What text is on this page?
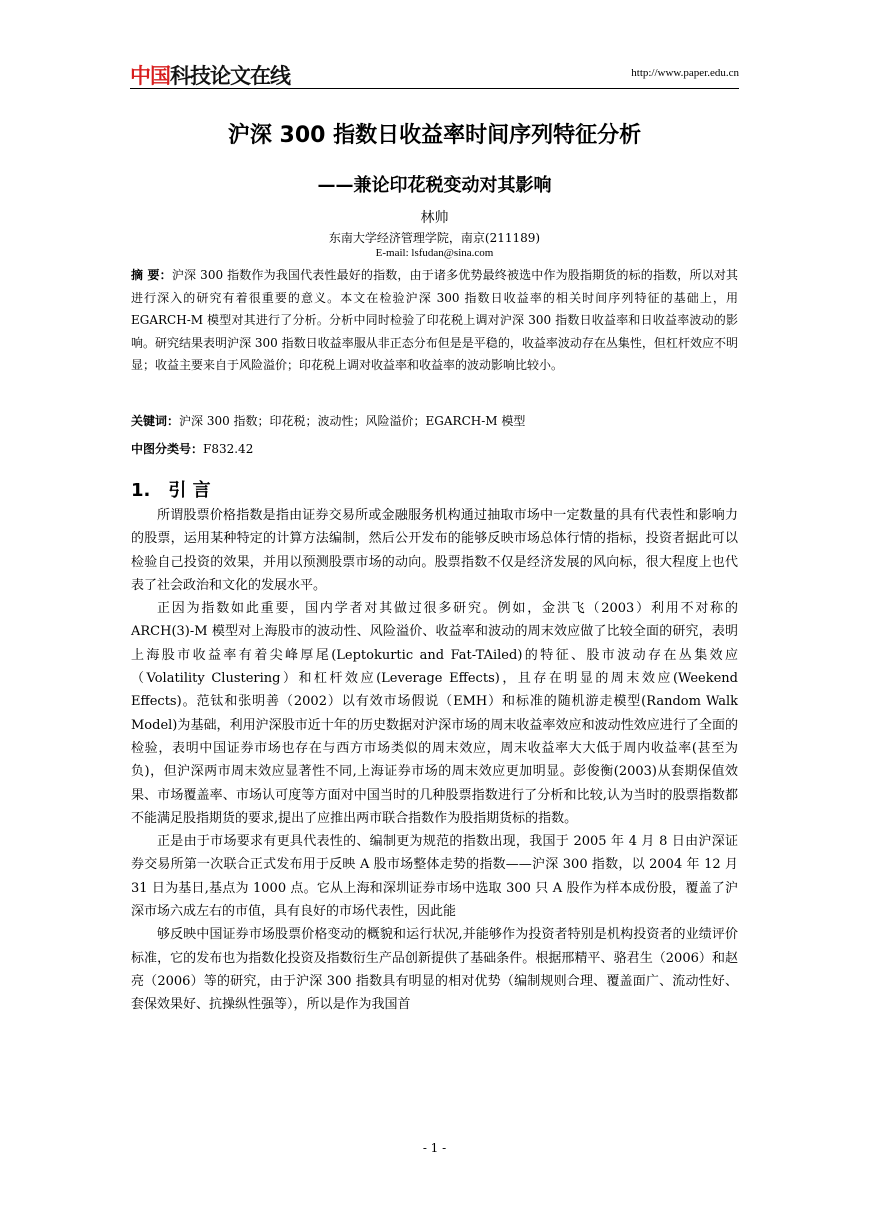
中国科技论文在线	http://www.paper.edu.cn
沪深 300 指数日收益率时间序列特征分析
——兼论印花税变动对其影响
林帅
东南大学经济管理学院，南京(211189)
E-mail: lsfudan@sina.com
摘 要：沪深 300 指数作为我国代表性最好的指数，由于诸多优势最终被选中作为股指期货的标的指数，所以对其进行深入的研究有着很重要的意义。本文在检验沪深 300 指数日收益率的相关时间序列特征的基础上，用 EGARCH-M 模型对其进行了分析。分析中同时检验了印花税上调对沪深 300 指数日收益率和日收益率波动的影响。研究结果表明沪深 300 指数日收益率服从非正态分布但是是平稳的，收益率波动存在丛集性，但杠杆效应不明显；收益主要来自于风险溢价；印花税上调对收益率和收益率的波动影响比较小。
关键词：沪深 300 指数；印花税；波动性；风险溢价；EGARCH-M 模型
中图分类号：F832.42
1. 引 言

所谓股票价格指数是指由证券交易所或金融服务机构通过抽取市场中一定数量的具有代表性和影响力的股票，运用某种特定的计算方法编制，然后公开发布的能够反映市场总体行情的指标，投资者据此可以检验自己投资的效果，并用以预测股票市场的动向。股票指数不仅是经济发展的风向标，很大程度上也代表了社会政治和文化的发展水平。

正因为指数如此重要，国内学者对其做过很多研究。例如，金洪飞（2003）利用不对称的 ARCH(3)-M 模型对上海股市的波动性、风险溢价、收益率和波动的周末效应做了比较全面的研究，表明上海股市收益率有着尖峰厚尾(Leptokurtic and Fat-TAiled)的特征、股市波动存在丛集效应（Volatility Clustering）和杠杆效应(Leverage Effects)，且存在明显的周末效应(Weekend Effects)。范钛和张明善（2002）以有效市场假说（EMH）和标准的随机游走模型(Random Walk Model)为基础，利用沪深股市近十年的历史数据对沪深市场的周末收益率效应和波动性效应进行了全面的检验，表明中国证券市场也存在与西方市场类似的周末效应，周末收益率大大低于周内收益率(甚至为负)，但沪深两市周末效应显著性不同,上海证券市场的周末效应更加明显。彭俊衡(2003)从套期保值效果、市场覆盖率、市场认可度等方面对中国当时的几种股票指数进行了分析和比较,认为当时的股票指数都不能满足股指期货的要求,提出了应推出两市联合指数作为股指期货标的指数。

正是由于市场要求有更具代表性的、编制更为规范的指数出现，我国于 2005 年 4 月 8 日由沪深证券交易所第一次联合正式发布用于反映 A 股市场整体走势的指数——沪深 300 指数，以 2004 年 12 月 31 日为基日,基点为 1000 点。它从上海和深圳证券市场中选取 300 只 A 股作为样本成份股，覆盖了沪深市场六成左右的市值，具有良好的市场代表性，因此能

够反映中国证券市场股票价格变动的概貌和运行状况,并能够作为投资者特别是机构投资者的业绩评价标准，它的发布也为指数化投资及指数衍生产品创新提供了基础条件。根据邢精平、骆君生（2006）和赵亮（2006）等的研究，由于沪深 300 指数具有明显的相对优势（编制规则合理、覆盖面广、流动性好、套保效果好、抗操纵性强等），所以是作为我国首

- 1 -
